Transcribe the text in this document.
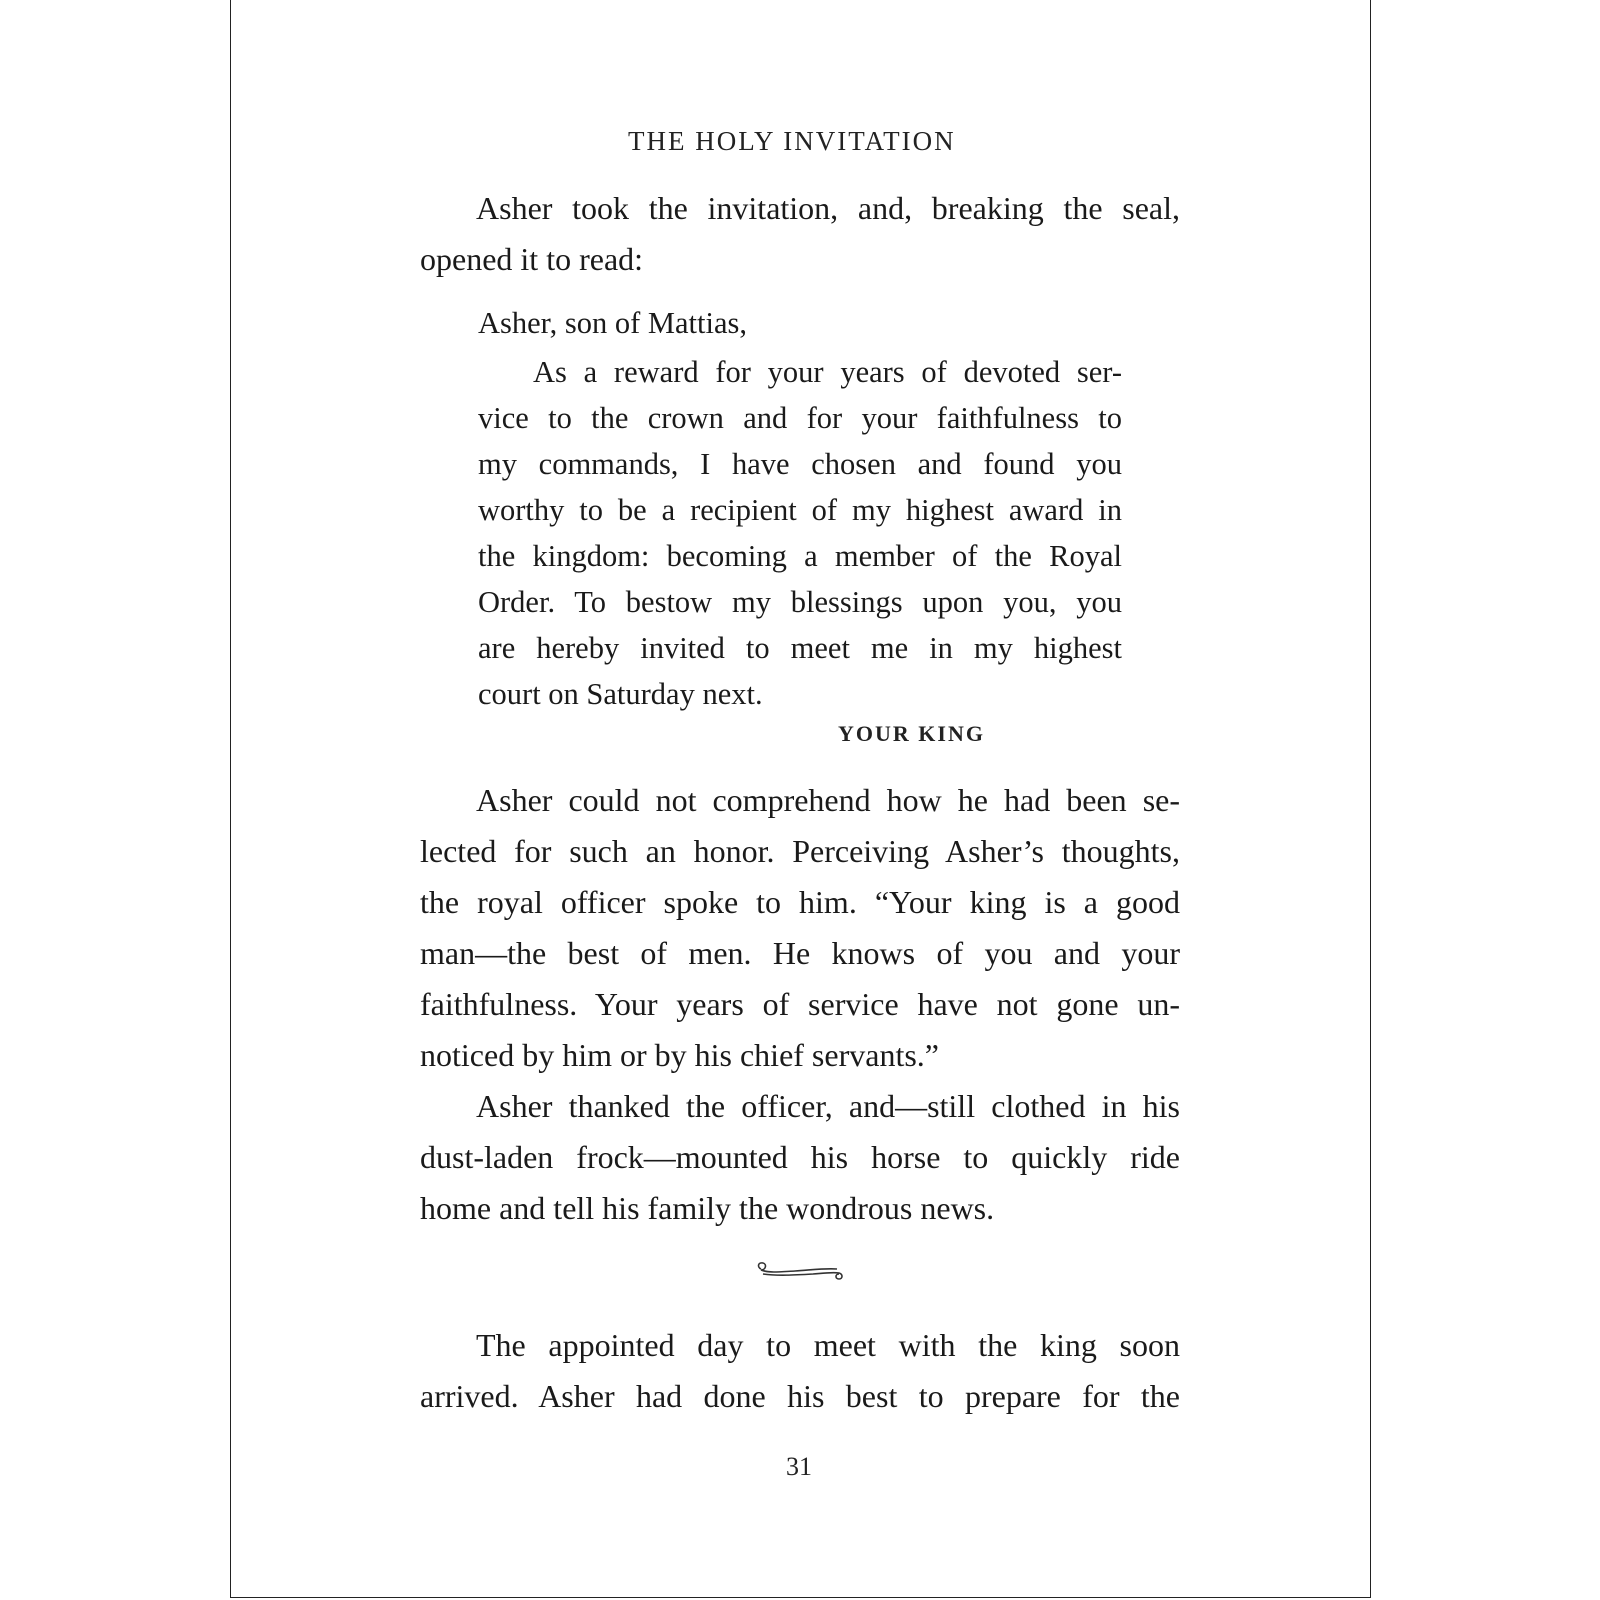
THE HOLY INVITATION
Asher took the invitation, and, breaking the seal,
opened it to read:
Asher, son of Mattias,
As a reward for your years of devoted ser-
vice to the crown and for your faithfulness to
my commands, I have chosen and found you
worthy to be a recipient of my highest award in
the kingdom: becoming a member of the Royal
Order. To bestow my blessings upon you, you
are hereby invited to meet me in my highest
court on Saturday next.
YOUR KING
Asher could not comprehend how he had been se-
lected for such an honor. Perceiving Asher’s thoughts,
the royal officer spoke to him. “Your king is a good
man—the best of men. He knows of you and your
faithfulness. Your years of service have not gone un-
noticed by him or by his chief servants.”
Asher thanked the officer, and—still clothed in his
dust-laden frock—mounted his horse to quickly ride
home and tell his family the wondrous news.
The appointed day to meet with the king soon
arrived. Asher had done his best to prepare for the
31
